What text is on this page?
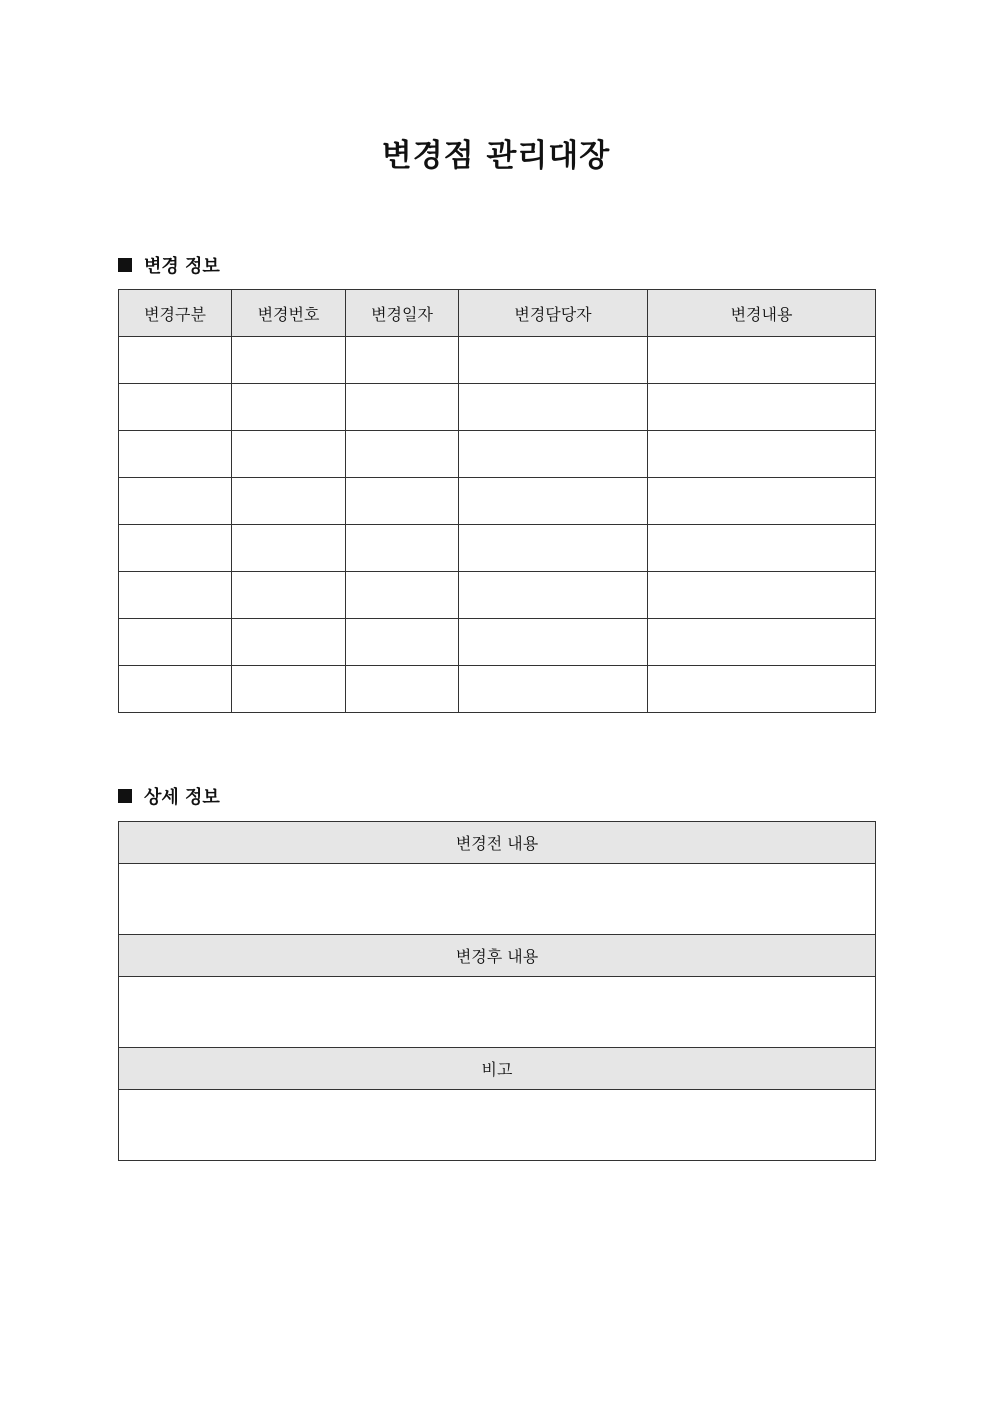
변경점 관리대장
변경 정보
변경구분	변경번호	변경일자	변경담당자	변경내용

상세 정보
변경전 내용

변경후 내용

비고
